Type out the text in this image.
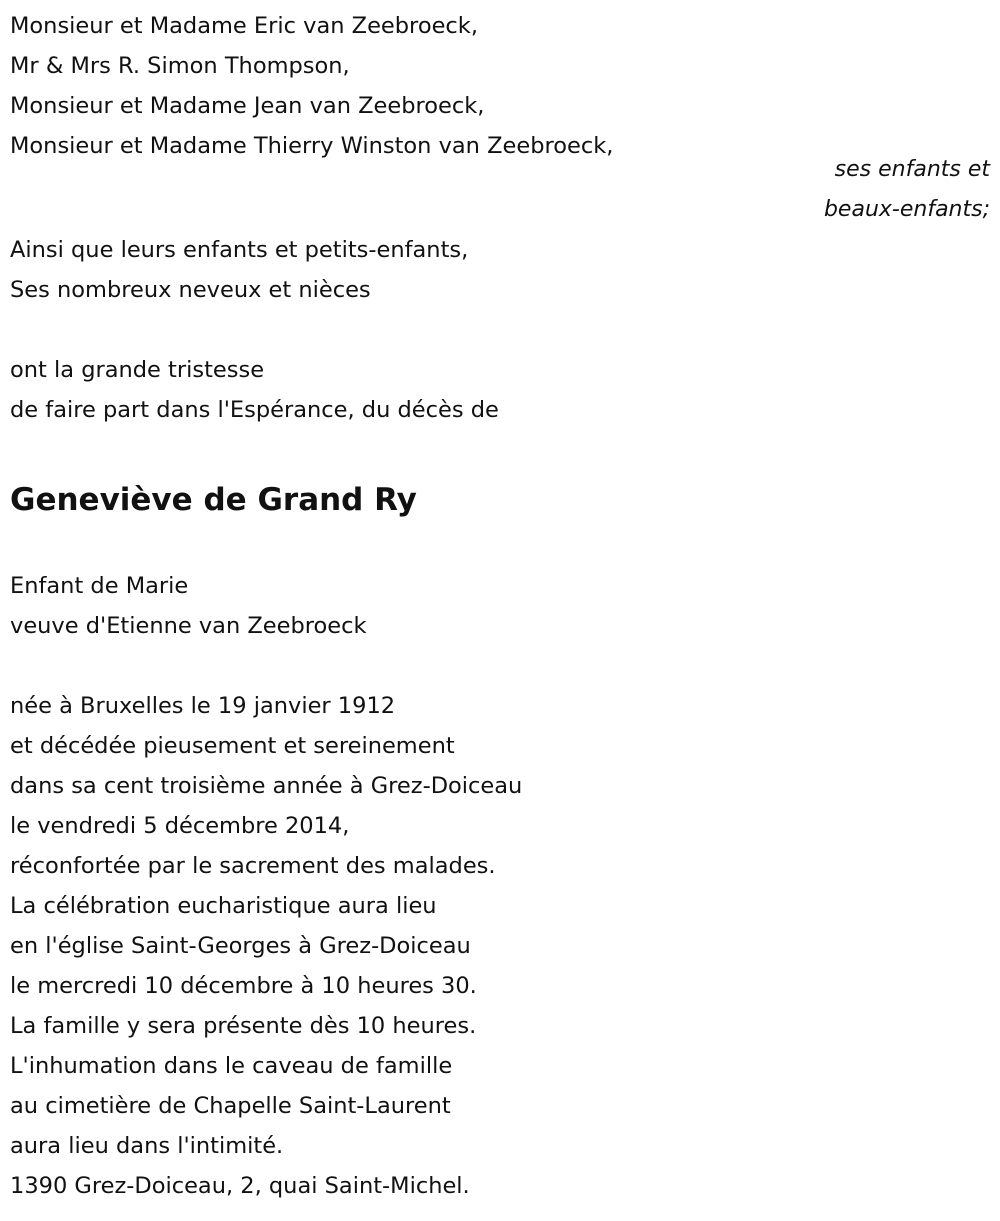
Monsieur et Madame Eric van Zeebroeck,
Mr & Mrs R. Simon Thompson,
Monsieur et Madame Jean van Zeebroeck,
Monsieur et Madame Thierry Winston van Zeebroeck,
ses enfants et
beaux-enfants;
Ainsi que leurs enfants et petits-enfants,
Ses nombreux neveux et nièces
ont la grande tristesse
de faire part dans l'Espérance, du décès de
Geneviève de Grand Ry
Enfant de Marie
veuve d'Etienne van Zeebroeck
née à Bruxelles le 19 janvier 1912
et décédée pieusement et sereinement
dans sa cent troisième année à Grez-Doiceau
le vendredi 5 décembre 2014,
réconfortée par le sacrement des malades.
La célébration eucharistique aura lieu
en l'église Saint-Georges à Grez-Doiceau
le mercredi 10 décembre à 10 heures 30.
La famille y sera présente dès 10 heures.
L'inhumation dans le caveau de famille
au cimetière de Chapelle Saint-Laurent
aura lieu dans l'intimité.
1390 Grez-Doiceau, 2, quai Saint-Michel.
